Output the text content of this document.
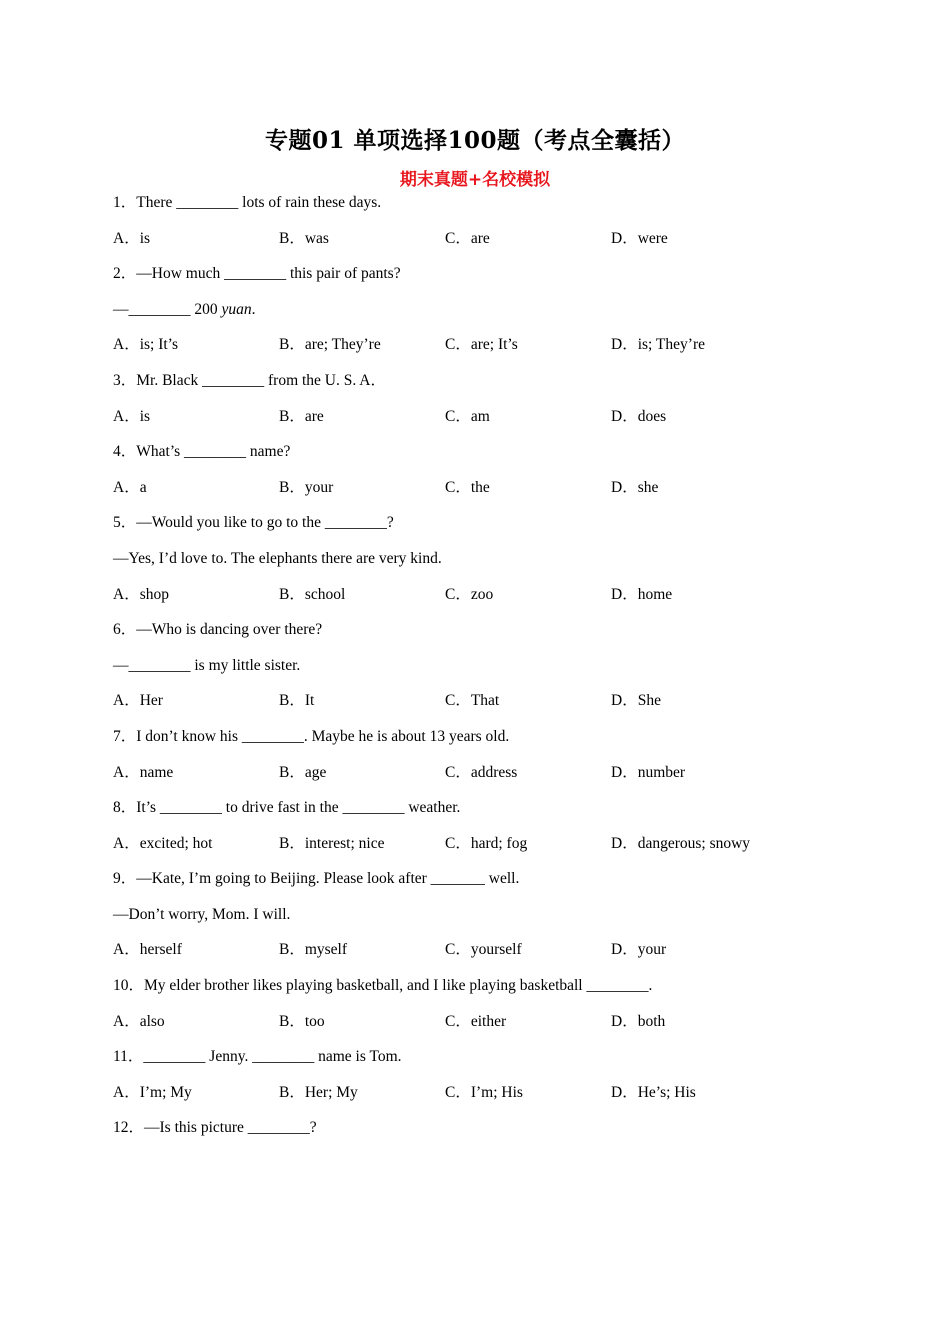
专题01 单项选择100题（考点全囊括）
期末真题+名校模拟
1．There ________ lots of rain these days.
A．is	B．was	C．are	D．were
2．—How much ________ this pair of pants?
—________ 200 yuan.
A．is; It’s	B．are; They’re	C．are; It’s	D．is; They’re
3．Mr. Black ________ from the U. S. A．
A．is	B．are	C．am	D．does
4．What’s ________ name?
A．a	B．your	C．the	D．she
5．—Would you like to go to the ________?
—Yes, I’d love to. The elephants there are very kind.
A．shop	B．school	C．zoo	D．home
6．—Who is dancing over there?
—________ is my little sister.
A．Her	B．It	C．That	D．She
7．I don’t know his ________. Maybe he is about 13 years old.
A．name	B．age	C．address	D．number
8．It’s ________ to drive fast in the ________ weather.
A．excited; hot	B．interest; nice	C．hard; fog	D．dangerous; snowy
9．—Kate, I’m going to Beijing. Please look after _______ well.
—Don’t worry, Mom. I will.
A．herself	B．myself	C．yourself	D．your
10．My elder brother likes playing basketball, and I like playing basketball ________.
A．also	B．too	C．either	D．both
11．________ Jenny. ________ name is Tom.
A．I’m; My	B．Her; My	C．I’m; His	D．He’s; His
12．—Is this picture ________?
